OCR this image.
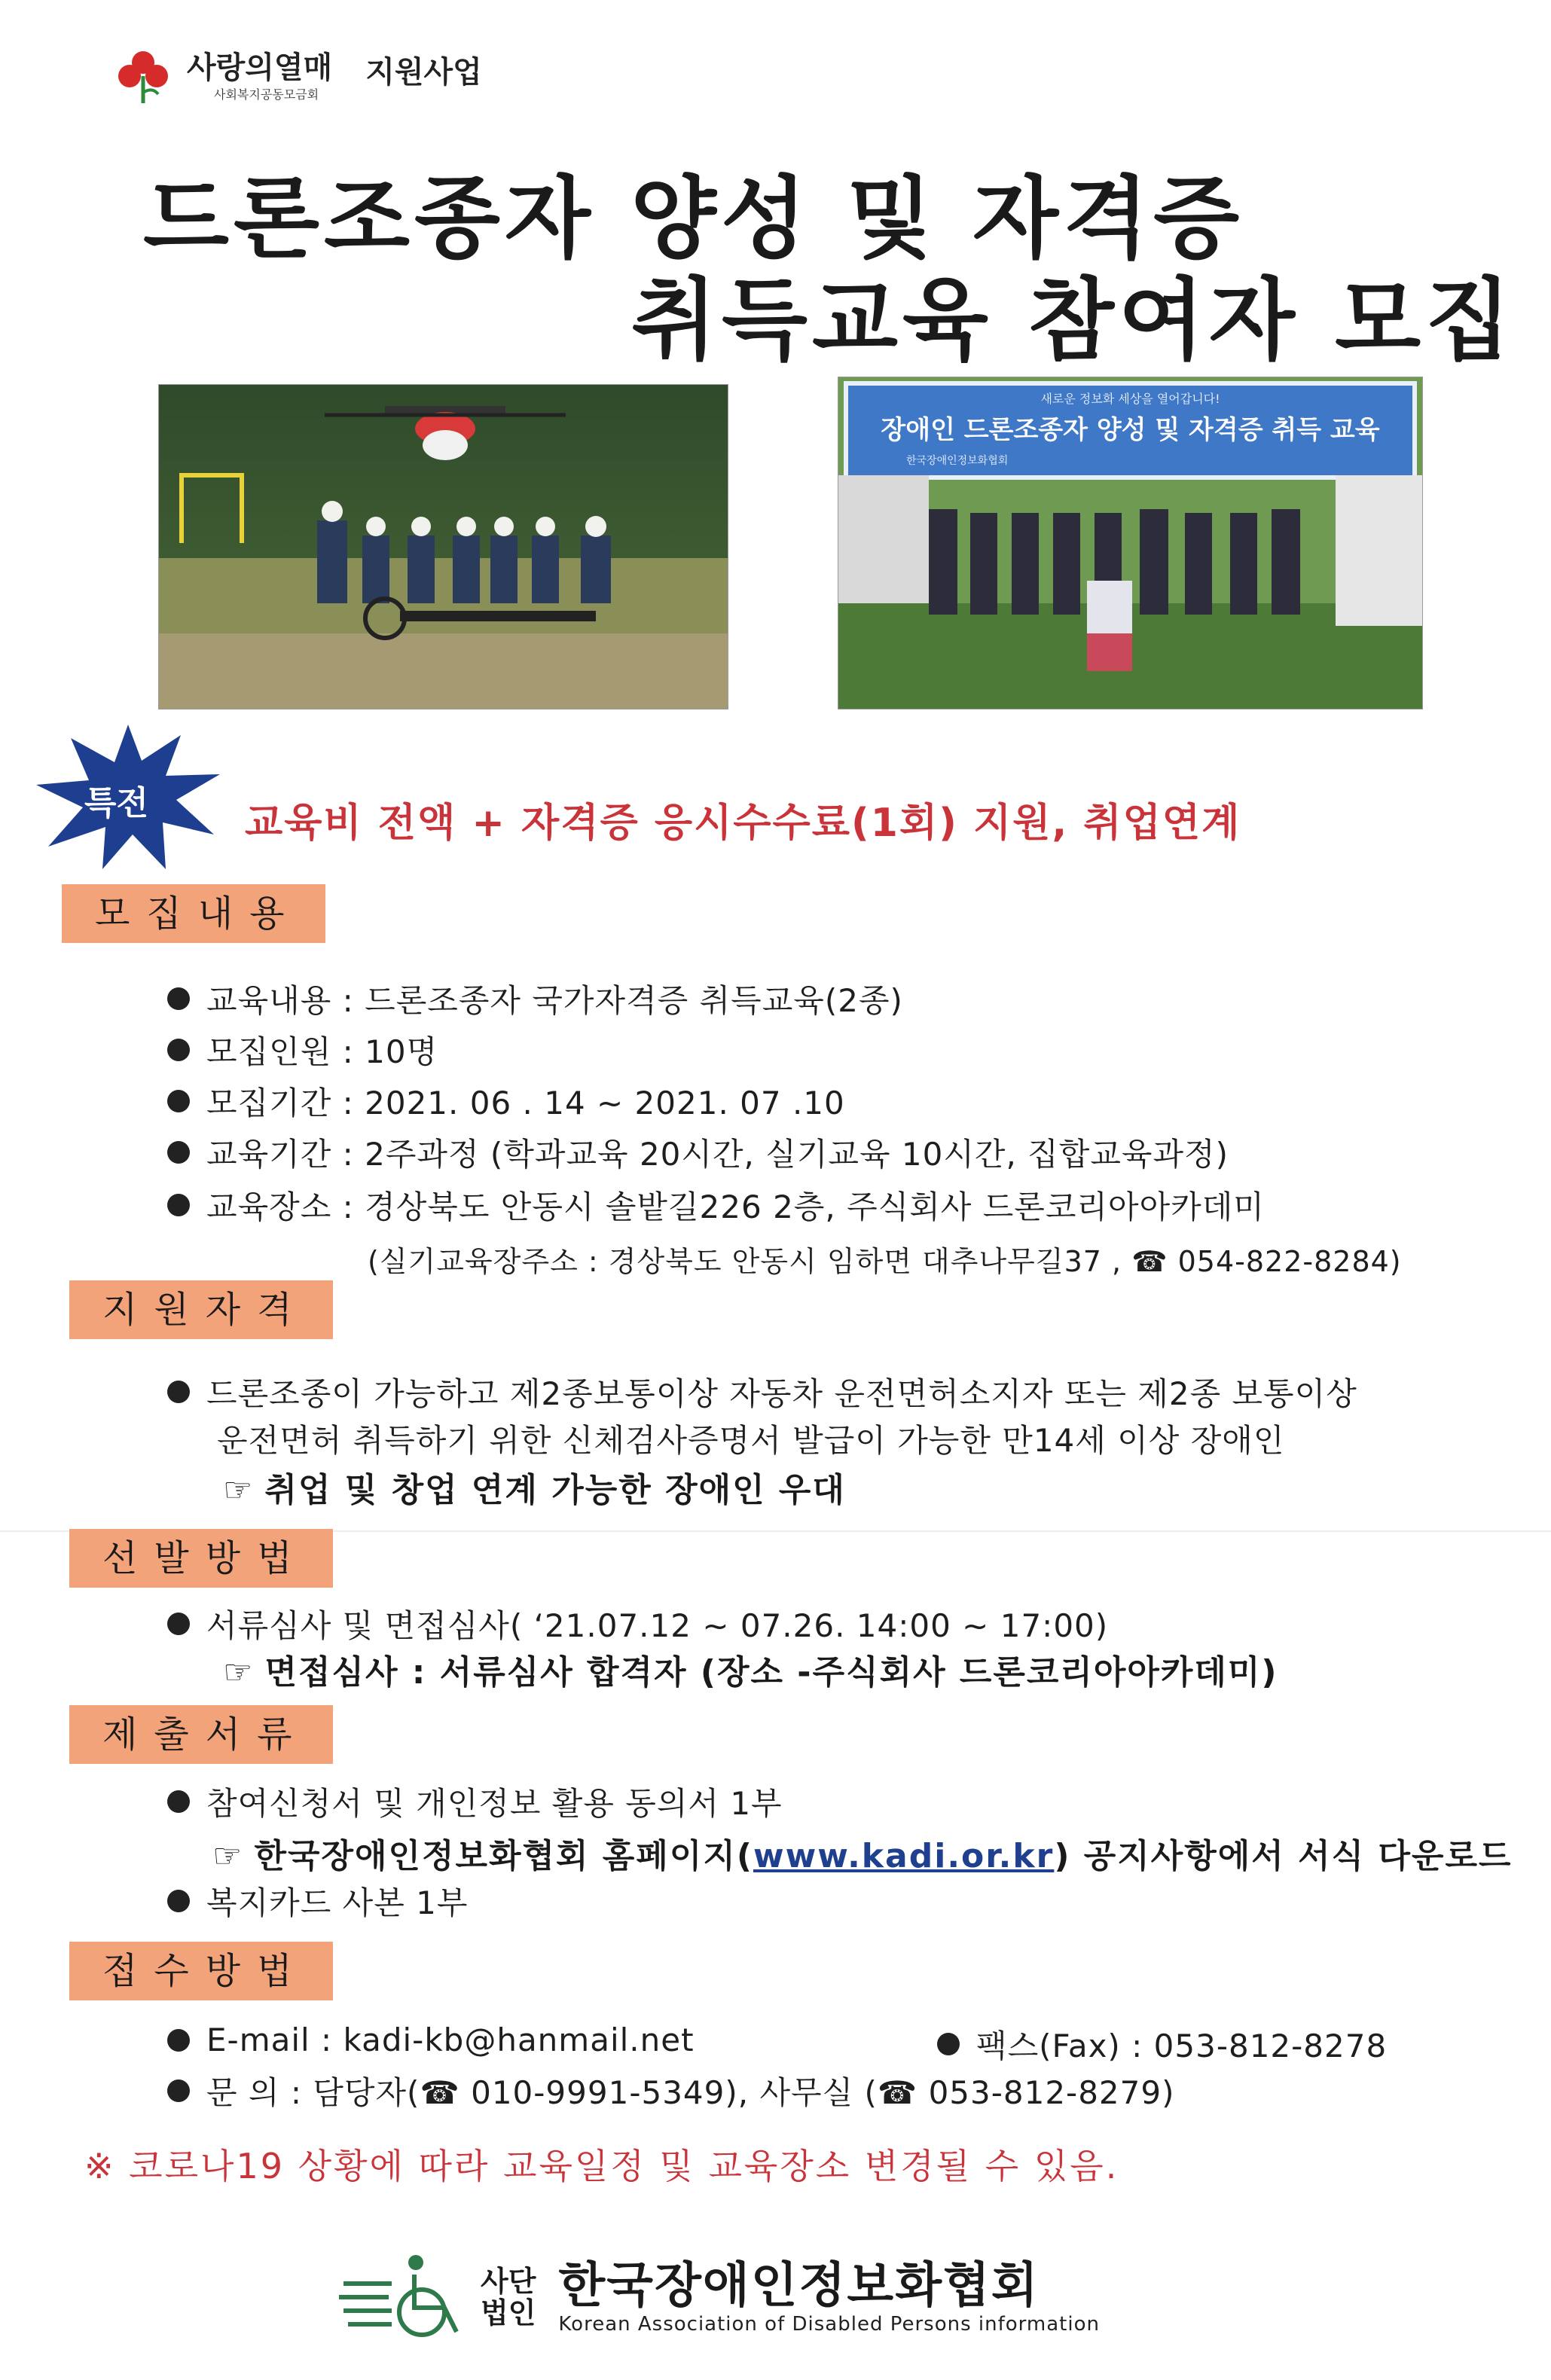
사랑의열매
사회복지공동모금회
지원사업
드론조종자 양성 및 자격증
취득교육 참여자 모집
새로운 정보화 세상을 열어갑니다!
장애인 드론조종자 양성 및 자격증 취득 교육
한국장애인정보화협회
특전 교육비 전액 + 자격증 응시수수료(1회) 지원, 취업연계
모집내용
교육내용 : 드론조종자 국가자격증 취득교육(2종)
모집인원 : 10명
모집기간 : 2021. 06 . 14 ~ 2021. 07 .10
교육기간 : 2주과정 (학과교육 20시간, 실기교육 10시간, 집합교육과정)
교육장소 : 경상북도 안동시 솔밭길226 2층, 주식회사 드론코리아아카데미
(실기교육장주소 : 경상북도 안동시 임하면 대추나무길37 , ☎ 054-822-8284)
지원자격
드론조종이 가능하고 제2종보통이상 자동차 운전면허소지자 또는 제2종 보통이상
운전면허 취득하기 위한 신체검사증명서 발급이 가능한 만14세 이상 장애인
☞ 취업 및 창업 연계 가능한 장애인 우대
선발방법
서류심사 및 면접심사( ‘21.07.12 ~ 07.26. 14:00 ~ 17:00)
☞ 면접심사 : 서류심사 합격자 (장소 -주식회사 드론코리아아카데미)
제출서류
참여신청서 및 개인정보 활용 동의서 1부
☞ 한국장애인정보화협회 홈페이지(www.kadi.or.kr) 공지사항에서 서식 다운로드
복지카드 사본 1부
접수방법
E-mail : kadi-kb@hanmail.net	팩스(Fax) : 053-812-8278
문 의 : 담당자(☎ 010-9991-5349), 사무실 (☎ 053-812-8279)
※ 코로나19 상황에 따라 교육일정 및 교육장소 변경될 수 있음.
사단
법인 한국장애인정보화협회
Korean Association of Disabled Persons information
